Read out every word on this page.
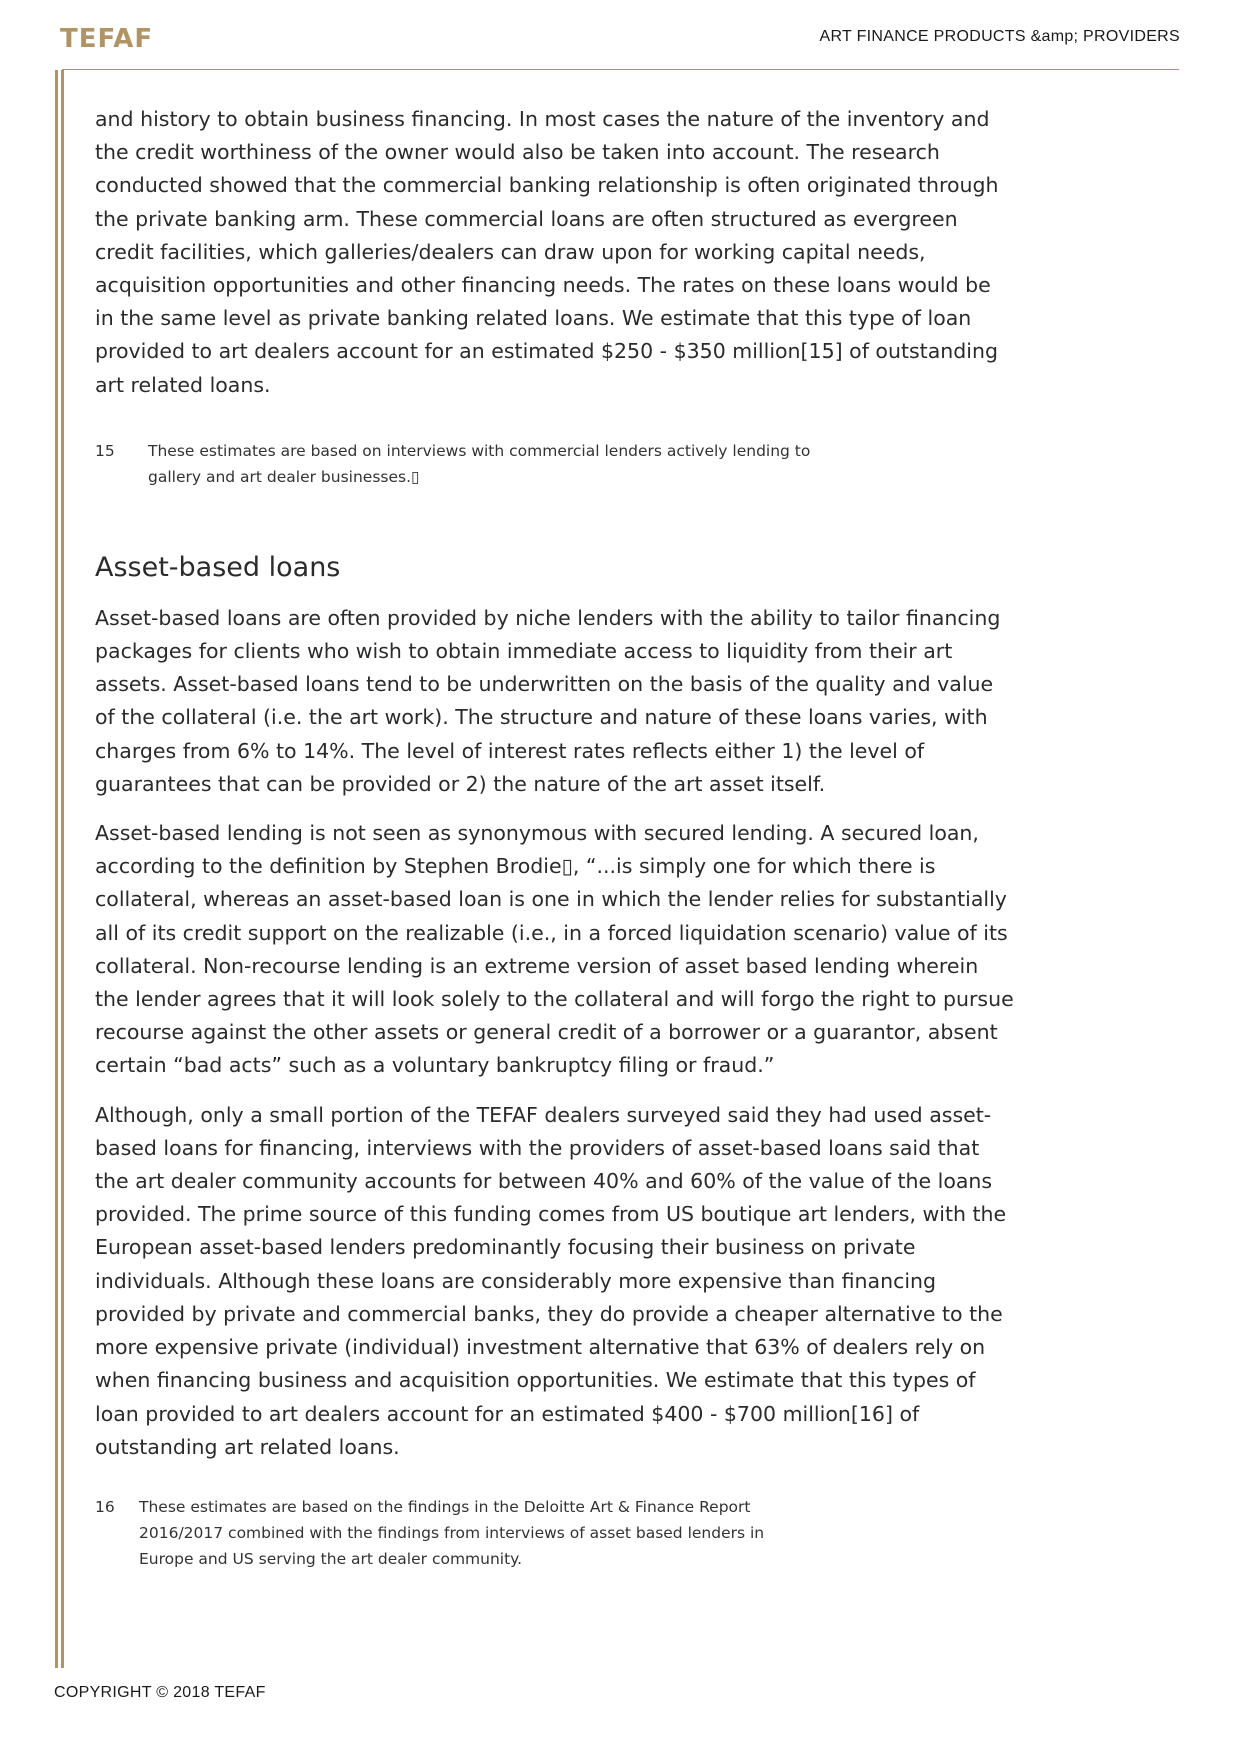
TEFAF	ART FINANCE PRODUCTS &amp; PROVIDERS

and history to obtain business financing. In most cases the nature of the inventory and the credit worthiness of the owner would also be taken into account. The research conducted showed that the commercial banking relationship is often originated through the private banking arm. These commercial loans are often structured as evergreen credit facilities, which galleries/dealers can draw upon for working capital needs, acquisition opportunities and other financing needs. The rates on these loans would be in the same level as private banking related loans. We estimate that this type of loan provided to art dealers account for an estimated $250 - $350 million[15] of outstanding art related loans.

15	These estimates are based on interviews with commercial lenders actively lending to gallery and art dealer businesses.▯
Asset-based loans

Asset-based loans are often provided by niche lenders with the ability to tailor financing packages for clients who wish to obtain immediate access to liquidity from their art assets. Asset-based loans tend to be underwritten on the basis of the quality and value of the collateral (i.e. the art work). The structure and nature of these loans varies, with charges from 6% to 14%. The level of interest rates reflects either 1) the level of guarantees that can be provided or 2) the nature of the art asset itself.

Asset-based lending is not seen as synonymous with secured lending. A secured loan, according to the definition by Stephen Brodie▯, “...is simply one for which there is collateral, whereas an asset-based loan is one in which the lender relies for substantially all of its credit support on the realizable (i.e., in a forced liquidation scenario) value of its collateral. Non-recourse lending is an extreme version of asset based lending wherein the lender agrees that it will look solely to the collateral and will forgo the right to pursue recourse against the other assets or general credit of a borrower or a guarantor, absent certain “bad acts” such as a voluntary bankruptcy filing or fraud.”

Although, only a small portion of the TEFAF dealers surveyed said they had used asset-based loans for financing, interviews with the providers of asset-based loans said that the art dealer community accounts for between 40% and 60% of the value of the loans provided. The prime source of this funding comes from US boutique art lenders, with the European asset-based lenders predominantly focusing their business on private individuals. Although these loans are considerably more expensive than financing provided by private and commercial banks, they do provide a cheaper alternative to the more expensive private (individual) investment alternative that 63% of dealers rely on when financing business and acquisition opportunities. We estimate that this types of loan provided to art dealers account for an estimated $400 - $700 million[16] of outstanding art related loans.

16	These estimates are based on the findings in the Deloitte Art & Finance Report 2016/2017 combined with the findings from interviews of asset based lenders in Europe and US serving the art dealer community.
COPYRIGHT © 2018 TEFAF
